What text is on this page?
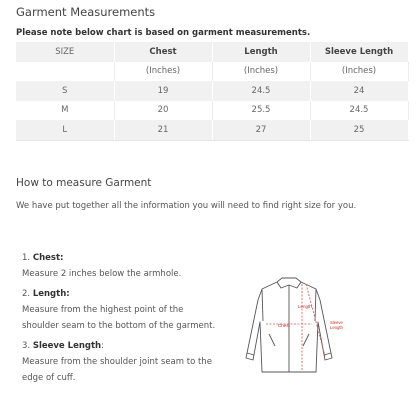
Garment Measurements
Please note below chart is based on garment measurements.
SIZE	Chest	Length	Sleeve Length
	(Inches)	(Inches)	(Inches)
S	19	24.5	24
M	20	25.5	24.5
L	21	27	25
How to measure Garment
We have put together all the information you will need to find right size for you.
1. Chest:
Measure 2 inches below the armhole.
2. Length:
Measure from the highest point of the shoulder seam to the bottom of the garment.
3. Sleeve Length:
Measure from the shoulder joint seam to the edge of cuff.
Chest
Length
Sleeve
Length
